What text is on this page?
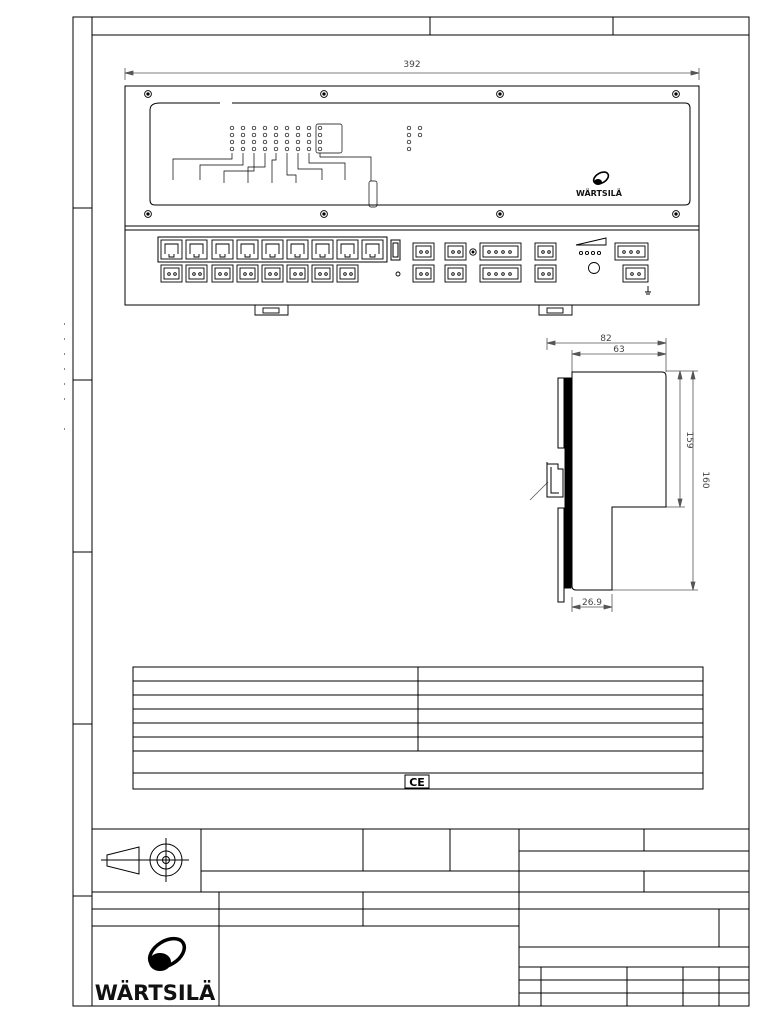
392
WÄRTSILÄ
82
63
160
159
26.9
CE
WÄRTSILÄ
